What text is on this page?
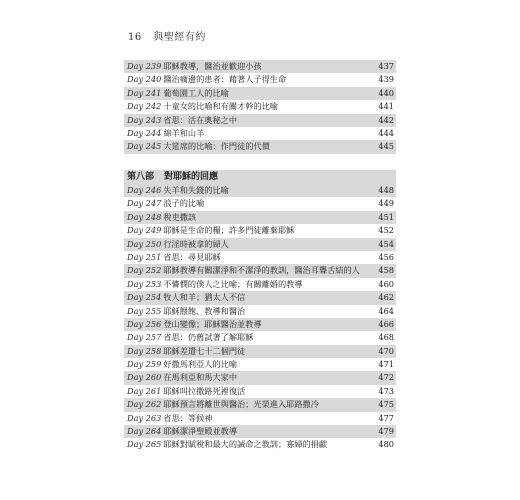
16 與聖經有約
Day 239 耶穌教導，醫治並歡迎小孩	437
Day 240 醫治瘸邊的患者：藉著人子得生命	439
Day 241 葡萄園工人的比喻	440
Day 242 十童女的比喻和有關才幹的比喻	441
Day 243 省思：活在奧秘之中	442
Day 244 綿羊和山羊	444
Day 245 大筵席的比喻：作門徒的代價	445
第八部 對耶穌的回應
Day 246 失羊和失錢的比喻	448
Day 247 浪子的比喻	449
Day 248 稅吏撒該	451
Day 249 耶穌是生命的糧；許多門徒離棄耶穌	452
Day 250 行淫時被拿的婦人	454
Day 251 省思：尋見耶穌	456
Day 252 耶穌教導有關潔淨和不潔淨的教訓，醫治耳聾舌結的人	458
Day 253 不憐憫的僕人之比喻；有關離婚的教導	460
Day 254 牧人和羊；猶太人不信	462
Day 255 耶穌餵飽、教導和醫治	464
Day 256 登山變像；耶穌醫治並教導	466
Day 257 省思：仍舊試著了解耶穌	468
Day 258 耶穌差遣七十二個門徒	470
Day 259 好撒馬利亞人的比喻	471
Day 260 在馬利亞和馬大家中	472
Day 261 耶穌叫拉撒路死裡復活	473
Day 262 耶穌預言將離世與醫治；光榮進入耶路撒冷	475
Day 263 省思：等候神	477
Day 264 耶穌潔淨聖殿並教導	479
Day 265 耶穌對賦稅和最大的誡命之教訓；寡婦的捐獻	480
